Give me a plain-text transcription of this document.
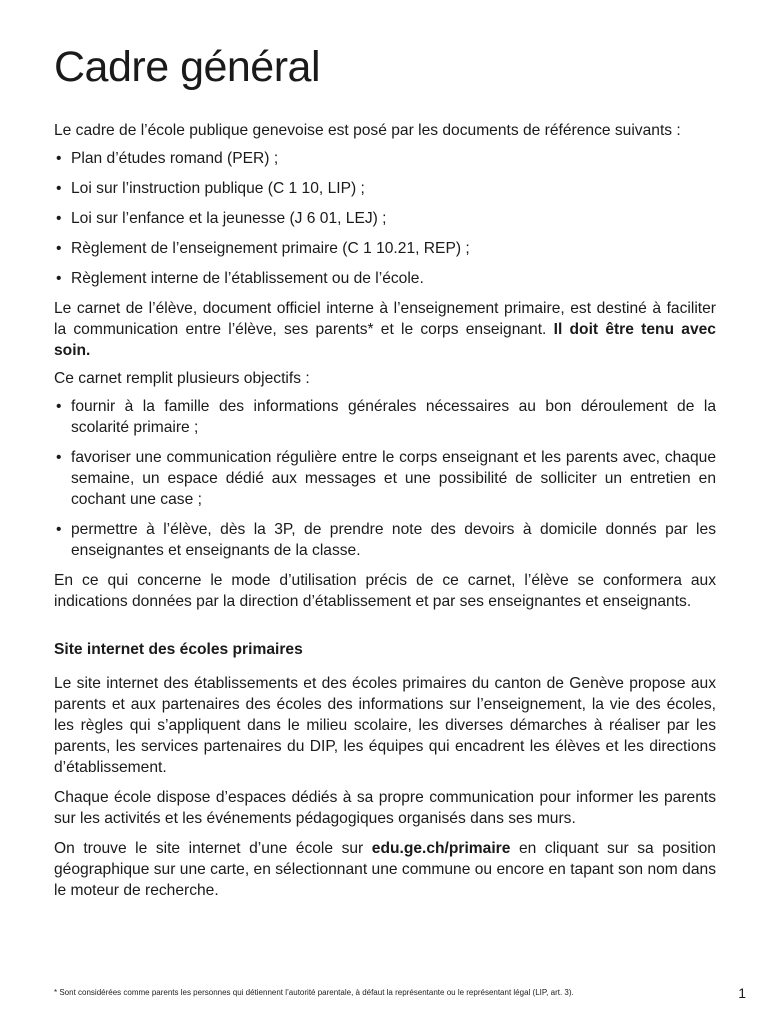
Cadre général

Le cadre de l’école publique genevoise est posé par les documents de référence suivants :

• Plan d’études romand (PER) ;
• Loi sur l’instruction publique (C 1 10, LIP) ;
• Loi sur l’enfance et la jeunesse (J 6 01, LEJ) ;
• Règlement de l’enseignement primaire (C 1 10.21, REP) ;
• Règlement interne de l’établissement ou de l’école.

Le carnet de l’élève, document officiel interne à l’enseignement primaire, est destiné à faciliter la communication entre l’élève, ses parents* et le corps enseignant. Il doit être tenu avec soin.

Ce carnet remplit plusieurs objectifs :

• fournir à la famille des informations générales nécessaires au bon déroulement de la scolarité primaire ;
• favoriser une communication régulière entre le corps enseignant et les parents avec, chaque semaine, un espace dédié aux messages et une possibilité de solliciter un entretien en cochant une case ;
• permettre à l’élève, dès la 3P, de prendre note des devoirs à domicile donnés par les enseignantes et enseignants de la classe.

En ce qui concerne le mode d’utilisation précis de ce carnet, l’élève se conformera aux indications données par la direction d’établissement et par ses enseignantes et enseignants.

Site internet des écoles primaires

Le site internet des établissements et des écoles primaires du canton de Genève propose aux parents et aux partenaires des écoles des informations sur l’enseignement, la vie des écoles, les règles qui s’appliquent dans le milieu scolaire, les diverses démarches à réaliser par les parents, les services partenaires du DIP, les équipes qui encadrent les élèves et les directions d’établissement.

Chaque école dispose d’espaces dédiés à sa propre communication pour informer les parents sur les activités et les événements pédagogiques organisés dans ses murs.

On trouve le site internet d’une école sur edu.ge.ch/primaire en cliquant sur sa position géographique sur une carte, en sélectionnant une commune ou encore en tapant son nom dans le moteur de recherche.

* Sont considérées comme parents les personnes qui détiennent l’autorité parentale, à défaut la représentante ou le représentant légal (LIP, art. 3).	1
